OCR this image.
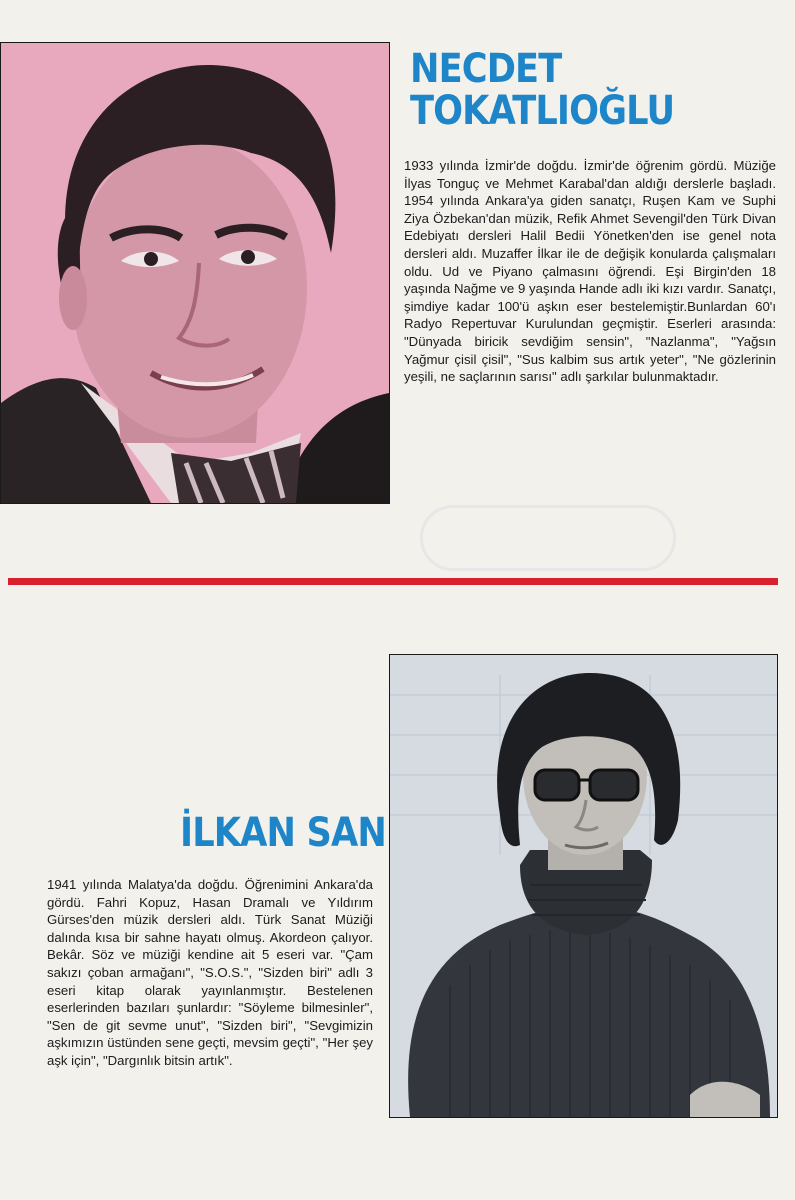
NECDET
TOKATLIOĞLU

1933 yılında İzmir'de doğdu. İzmir'de öğrenim gördü. Müziğe İlyas Tonguç ve Mehmet Karabal'dan aldığı derslerle başladı. 1954 yılında Ankara'ya giden sanatçı, Ruşen Kam ve Suphi Ziya Özbekan'dan müzik, Refik Ahmet Sevengil'den Türk Divan Edebiyatı dersleri Halil Bedii Yönetken'den ise genel nota dersleri aldı. Muzaffer İlkar ile de değişik konularda çalışmaları oldu. Ud ve Piyano çalmasını öğrendi. Eşi Birgin'den 18 yaşında Nağme ve 9 yaşında Hande adlı iki kızı vardır. Sanatçı, şimdiye kadar 100'ü aşkın eser bestelemiştir.Bunlardan 60'ı Radyo Repertuvar Kurulundan geçmiştir. Eserleri arasında: "Dünyada biricik sevdiğim sensin", "Nazlanma", "Yağsın Yağmur çisil çisil", "Sus kalbim sus artık yeter", "Ne gözlerinin yeşili, ne saçlarının sarısı" adlı şarkılar bulunmaktadır.

İLKAN SAN

1941 yılında Malatya'da doğdu. Öğrenimini Ankara'da gördü. Fahri Kopuz, Hasan Dramalı ve Yıldırım Gürses'den müzik dersleri aldı. Türk Sanat Müziği dalında kısa bir sahne hayatı olmuş. Akordeon çalıyor. Bekâr. Söz ve müziği kendine ait 5 eseri var. "Çam sakızı çoban armağanı", "S.O.S.", "Sizden biri" adlı 3 eseri kitap olarak yayınlanmıştır. Bestelenen eserlerinden bazıları şunlardır: "Söyleme bilmesinler", "Sen de git sevme unut", "Sizden biri", "Sevgimizin aşkımızın üstünden sene geçti, mevsim geçti", "Her şey aşk için", "Dargınlık bitsin artık".
